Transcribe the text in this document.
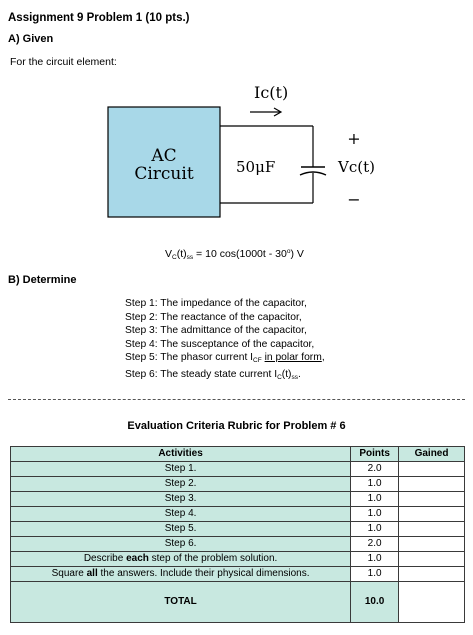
Assignment 9 Problem 1 (10 pts.)
A) Given
For the circuit element:
AC
Circuit
Ic(t)
50μF
+
Vc(t)
−
$V_C(t)_{ss} = 10$ cos(1000t - 30$^o$) V
B) Determine
Step 1: The impedance of the capacitor,
Step 2: The reactance of the capacitor,
Step 3: The admittance of the capacitor,
Step 4: The susceptance of the capacitor,
Step 5: The phasor current $I_{CF}$ in polar form,
Step 6: The steady state current $I_C(t)_{ss}$.
Evaluation Criteria Rubric for Problem # 6
Activities	Points	Gained
Step 1.	2.0	
Step 2.	1.0	
Step 3.	1.0	
Step 4.	1.0	
Step 5.	1.0	
Step 6.	2.0	
Describe each step of the problem solution.	1.0	
Square all the answers. Include their physical dimensions.	1.0	
TOTAL	10.0	
